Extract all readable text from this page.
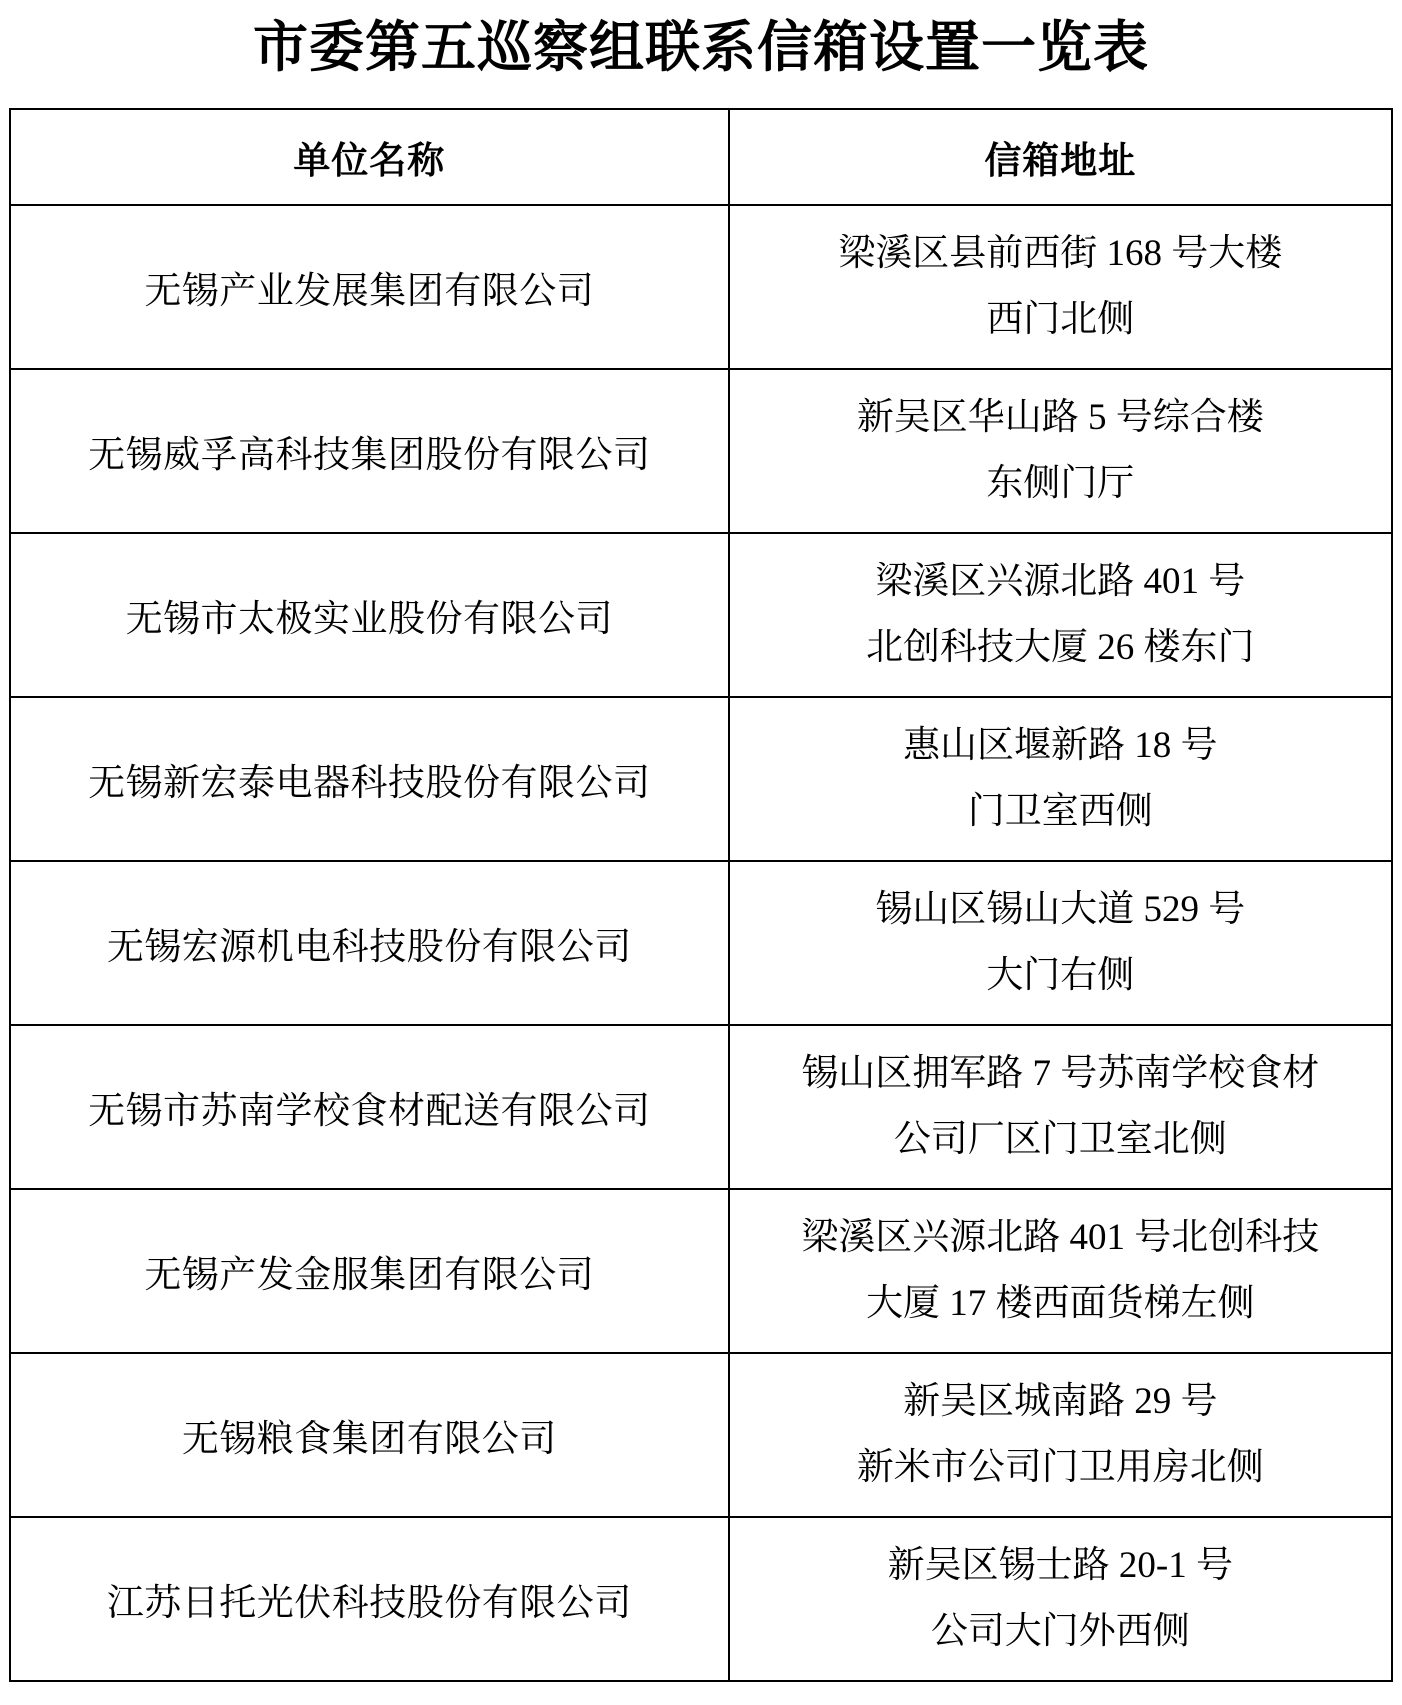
市委第五巡察组联系信箱设置一览表
单位名称	信箱地址
无锡产业发展集团有限公司	梁溪区县前西街 168 号大楼
西门北侧

无锡威孚高科技集团股份有限公司	新吴区华山路 5 号综合楼
东侧门厅

无锡市太极实业股份有限公司	梁溪区兴源北路 401 号
北创科技大厦 26 楼东门

无锡新宏泰电器科技股份有限公司	惠山区堰新路 18 号
门卫室西侧

无锡宏源机电科技股份有限公司	锡山区锡山大道 529 号
大门右侧

无锡市苏南学校食材配送有限公司	锡山区拥军路 7 号苏南学校食材
公司厂区门卫室北侧

无锡产发金服集团有限公司	梁溪区兴源北路 401 号北创科技
大厦 17 楼西面货梯左侧

无锡粮食集团有限公司	新吴区城南路 29 号
新米市公司门卫用房北侧

江苏日托光伏科技股份有限公司	新吴区锡士路 20-1 号
公司大门外西侧
